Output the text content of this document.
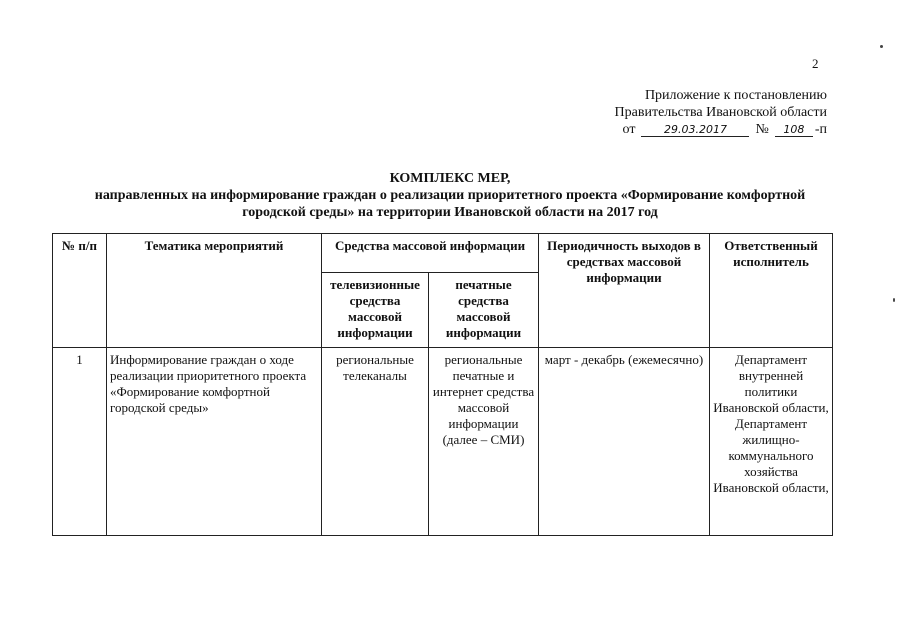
2
Приложение к постановлению
Правительства Ивановской области
от	29.03.2017 № 108 -п
КОМПЛЕКС МЕР,
направленных на информирование граждан о реализации приоритетного проекта «Формирование комфортной
городской среды» на территории Ивановской области на 2017 год
№ п/п	Тематика мероприятий	Средства массовой информации		Периодичность выходов в средствах массовой информации	Ответственный исполнитель
		телевизионные средства массовой информации	печатные средства массовой информации		
1	Информирование граждан о ходе реализации приоритетного проекта «Формирование комфортной городской среды»	региональные телеканалы	региональные печатные и интернет средства массовой информации (далее – СМИ)	март - декабрь (ежемесячно)	Департамент внутренней политики Ивановской области, Департамент жилищно-коммунального хозяйства Ивановской области,
